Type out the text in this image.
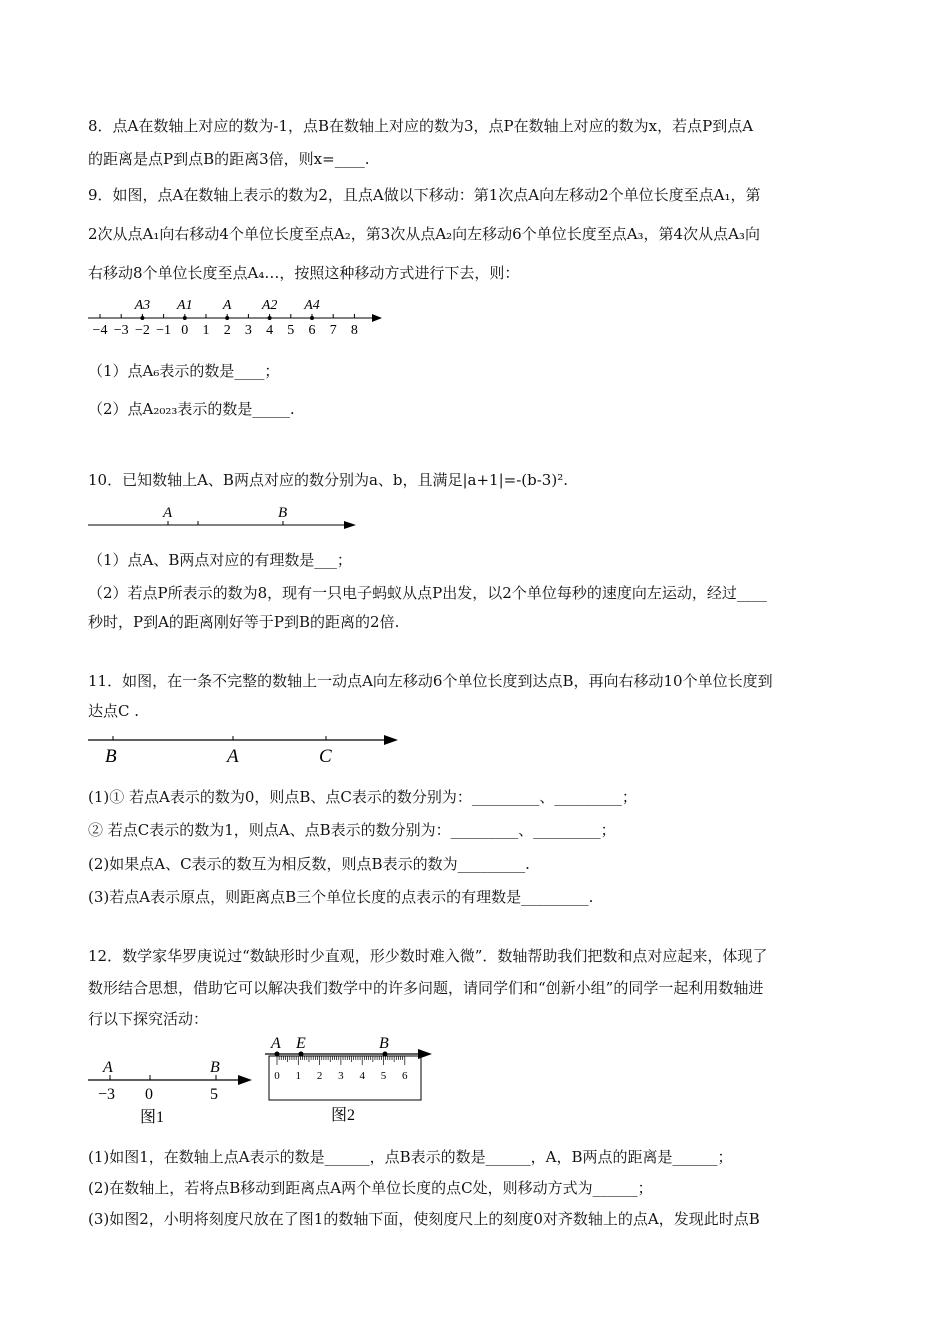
8．点A在数轴上对应的数为-1，点B在数轴上对应的数为3，点P在数轴上对应的数为x，若点P到点A
的距离是点P到点B的距离3倍，则x=____.
9．如图，点A在数轴上表示的数为2，且点A做以下移动：第1次点A向左移动2个单位长度至点A₁，第
2次从点A₁向右移动4个单位长度至点A₂，第3次从点A₂向左移动6个单位长度至点A₃，第4次从点A₃向
右移动8个单位长度至点A₄…，按照这种移动方式进行下去，则：
−4 −3 −2 −1 0 1 2 3 4 5 6 7 8
A3 A1 A A2 A4
（1）点A₆表示的数是____；
（2）点A₂₀₂₃表示的数是_____.
10．已知数轴上A、B两点对应的数分别为a、b，且满足|a+1|=-(b-3)².
A	B
（1）点A、B两点对应的有理数是___；
（2）若点P所表示的数为8，现有一只电子蚂蚁从点P出发，以2个单位每秒的速度向左运动，经过____
秒时，P到A的距离刚好等于P到B的距离的2倍.
11．如图，在一条不完整的数轴上一动点A向左移动6个单位长度到达点B，再向右移动10个单位长度到
达点C .
B	A	C
(1)① 若点A表示的数为0，则点B、点C表示的数分别为：_________、_________；
② 若点C表示的数为1，则点A、点B表示的数分别为：_________、_________；
(2)如果点A、C表示的数互为相反数，则点B表示的数为_________.
(3)若点A表示原点，则距离点B三个单位长度的点表示的有理数是_________.
12．数学家华罗庚说过“数缺形时少直观，形少数时难入微”．数轴帮助我们把数和点对应起来，体现了
数形结合思想，借助它可以解决我们数学中的许多问题，请同学们和“创新小组”的同学一起利用数轴进
行以下探究活动：
A	B
−3 0	5
图1
A E	B
0 1 2 3 4 5 6
图2
(1)如图1，在数轴上点A表示的数是______，点B表示的数是______，A，B两点的距离是______；
(2)在数轴上，若将点B移动到距离点A两个单位长度的点C处，则移动方式为______；
(3)如图2，小明将刻度尺放在了图1的数轴下面，使刻度尺上的刻度0对齐数轴上的点A，发现此时点B
